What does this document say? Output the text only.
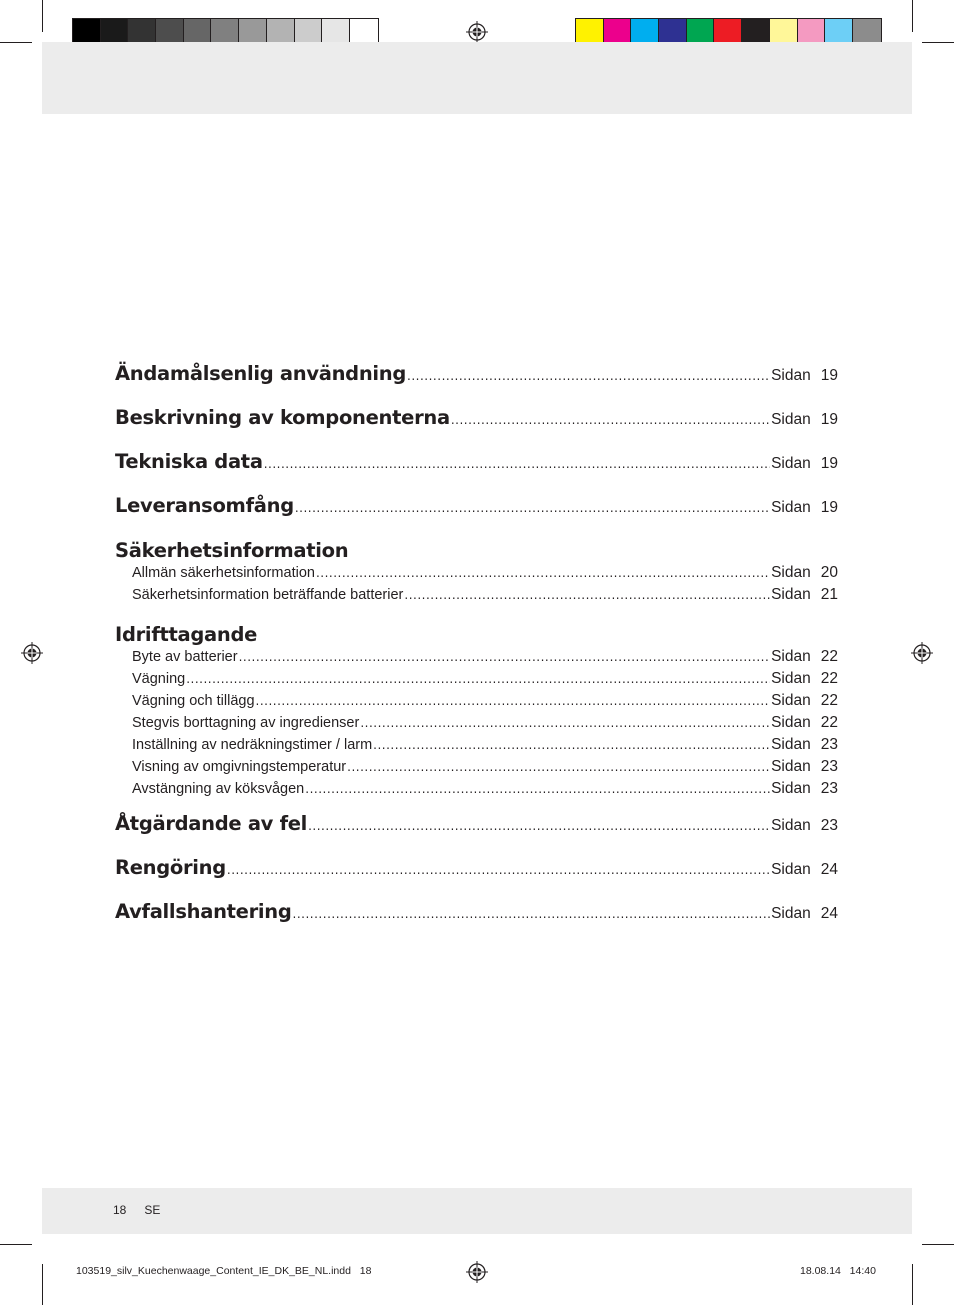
Ändamålsenlig användning .....	Sidan 19
Beskrivning av komponenterna .....	Sidan 19
Tekniska data .....	Sidan 19
Leveransomfång .....	Sidan 19
Säkerhetsinformation
Allmän säkerhetsinformation .....	Sidan 20
Säkerhetsinformation beträffande batterier .....	Sidan 21
Idrifttagande
Byte av batterier .....	Sidan 22
Vägning .....	Sidan 22
Vägning och tillägg .....	Sidan 22
Stegvis borttagning av ingredienser .....	Sidan 22
Inställning av nedräkningstimer / larm .....	Sidan 23
Visning av omgivningstemperatur .....	Sidan 23
Avstängning av köksvågen .....	Sidan 23
Åtgärdande av fel .....	Sidan 23
Rengöring .....	Sidan 24
Avfallshantering .....	Sidan 24
18 SE
103519_silv_Kuechenwaage_Content_IE_DK_BE_NL.indd 18	18.08.14 14:40
